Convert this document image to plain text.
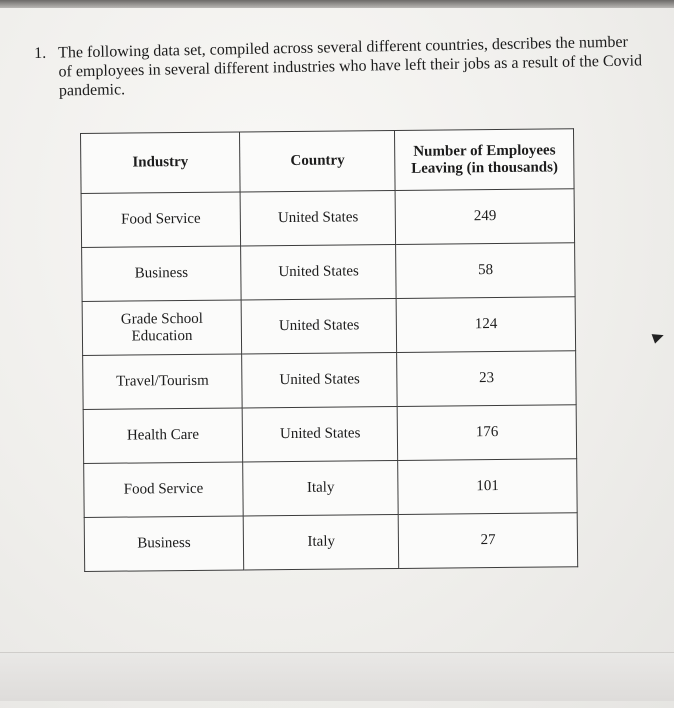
1. The following data set, compiled across several different countries, describes the number of employees in several different industries who have left their jobs as a result of the Covid pandemic.
Industry	Country	Number of Employees Leaving (in thousands)
Food Service	United States	249
Business	United States	58
Grade School Education	United States	124
Travel/Tourism	United States	23
Health Care	United States	176
Food Service	Italy	101
Business	Italy	27
